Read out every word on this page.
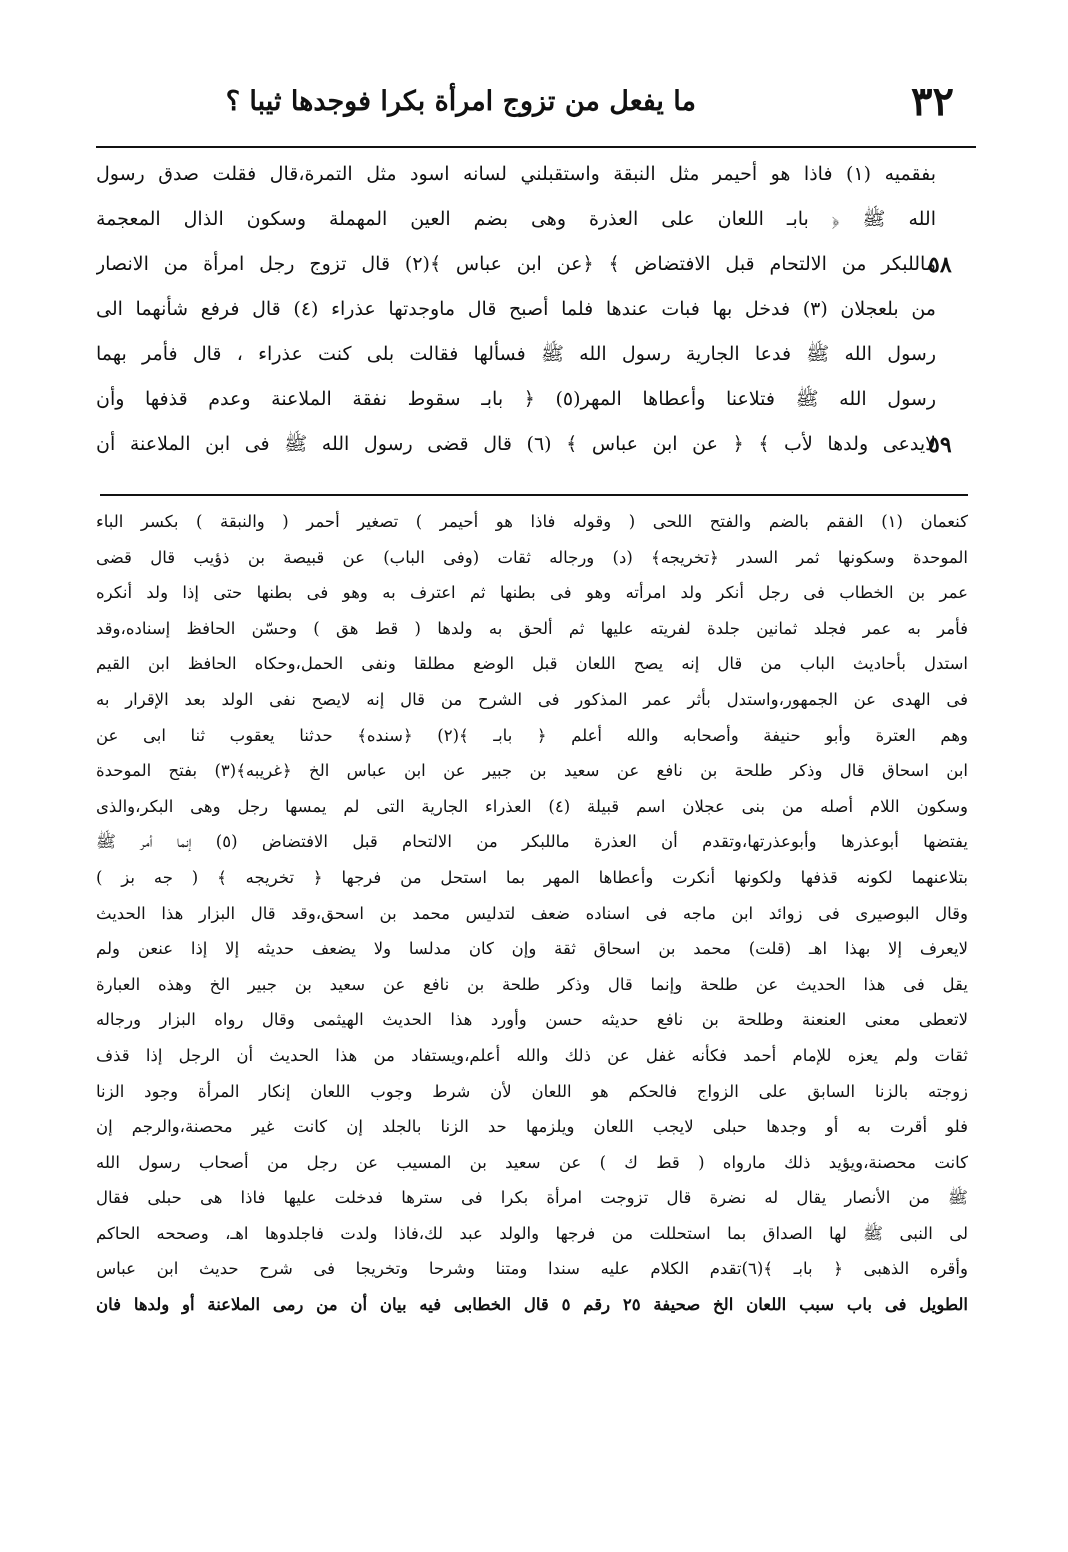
٣٢
ما يفعل من تزوج امرأة بكرا فوجدها ثيبا ؟
بفقميه (١) فاذا هو أحيمر مثل النبقة واستقبلني لسانه اسود مثل التمرة،قال فقلت صدق رسول
الله ﷺ ﴿ بابـ اللعان على العذرة وهى بضم العين المهملة وسكون الذال المعجمة
ماللبكر من الالتحام قبل الافتضاض ﴾ ﴿عن ابن عباس ﴾(٢) قال تزوج رجل امرأة من الانصار
من بلعجلان (٣) فدخل بها فبات عندها فلما أصبح قال ماوجدتها عذراء (٤) قال فرفع شأنهما الى
رسول الله ﷺ فدعا الجارية رسول الله ﷺ فسألها فقالت بلى كنت عذراء ، قال فأمر بهما
رسول الله ﷺ فتلاعنا وأعطاها المهر(٥) ﴿ بابـ سقوط نفقة الملاعنة وعدم قذفها وأن
لايدعى ولدها لأب ﴾ ﴿ عن ابن عباس ﴾ (٦) قال قضى رسول الله ﷺ فى ابن الملاعنة أن
٥٨
٥٩
كنعمان (١) الفقم بالضم والفتح اللحى ( وقوله فاذا هو أحيمر ) تصغير أحمر ( والنبقة ) بكسر الباء
الموحدة وسكونها ثمر السدر ﴿تخريجه﴾ (د) ورجاله ثقات (وفى الباب) عن قبيصة بن ذؤيب قال قضى
عمر بن الخطاب فى رجل أنكر ولد امرأته وهو فى بطنها ثم اعترف به وهو فى بطنها حتى إذا ولد أنكره
فأمر به عمر فجلد ثمانين جلدة لفريته عليها ثم ألحق به ولدها ( قط هق ) وحسّن الحافظ إسناده،وقد
استدل بأحاديث الباب من قال إنه يصح اللعان قبل الوضع مطلقا ونفى الحمل،وحكاه الحافظ ابن القيم
فى الهدى عن الجمهور،واستدل بأثر عمر المذكور فى الشرح من قال إنه لايصح نفى الولد بعد الإقرار به
وهم العترة وأبو حنيفة وأصحابه والله أعلم ﴿ بابـ ﴾(٢) ﴿سنده﴾ حدثنا يعقوب ثنا ابى عن
ابن اسحاق قال وذكر طلحة بن نافع عن سعيد بن جبير عن ابن عباس الخ ﴿غريبه﴾(٣) بفتح الموحدة
وسكون اللام أصله من بنى عجلان اسم قبيلة (٤) العذراء الجارية التى لم يمسها رجل وهى البكر،والذى
يفتضها أبوعذرها وأبوعذرتها،وتقدم أن العذرة ماللبكر من الالتحام قبل الافتضاض (٥) إنما أمر ﷺ
بتلاعنهما لكونه قذفها ولكونها أنكرت وأعطاها المهر بما استحل من فرجها ﴿ تخريجه ﴾ ( جه بز )
وقال البوصيرى فى زوائد ابن ماجه فى اسناده ضعف لتدليس محمد بن اسحق،وقد قال البزار هذا الحديث
لايعرف إلا بهذا اهـ (قلت) محمد بن اسحاق ثقة وإن كان مدلسا ولا يضعف حديثه إلا إذا عنعن ولم
يقل فى هذا الحديث عن طلحة وإنما قال وذكر طلحة بن نافع عن سعيد بن جبير الخ وهذه العبارة
لاتعطى معنى العنعنة وطلحة بن نافع حديثه حسن وأورد هذا الحديث الهيثمى وقال رواه البزار ورجاله
ثقات ولم يعزه للإمام أحمد فكأنه غفل عن ذلك والله أعلم،ويستفاد من هذا الحديث أن الرجل إذا قذف
زوجته بالزنا السابق على الزواج فالحكم هو اللعان لأن شرط وجوب اللعان إنكار المرأة وجود الزنا
فلو أقرت به أو وجدها حبلى لايجب اللعان ويلزمها حد الزنا بالجلد إن كانت غير محصنة،والرجم إن
كانت محصنة،ويؤيد ذلك مارواه ( قط ك ) عن سعيد بن المسيب عن رجل من أصحاب رسول الله
ﷺ من الأنصار يقال له نضرة قال تزوجت امرأة بكرا فى سترها فدخلت عليها فاذا هى حبلى فقال
لى النبى ﷺ لها الصداق بما استحللت من فرجها والولد عبد لك،فاذا ولدت فاجلدوها اهـ، وصححه الحاكم
وأقره الذهبى ﴿ بابـ ﴾(٦)تقدم الكلام عليه سندا ومتنا وشرحا وتخريجا فى شرح حديث ابن عباس
الطويل فى باب سبب اللعان الخ صحيفة ٢٥ رقم ٥ قال الخطابى فيه بيان أن من رمى الملاعنة أو ولدها فان
